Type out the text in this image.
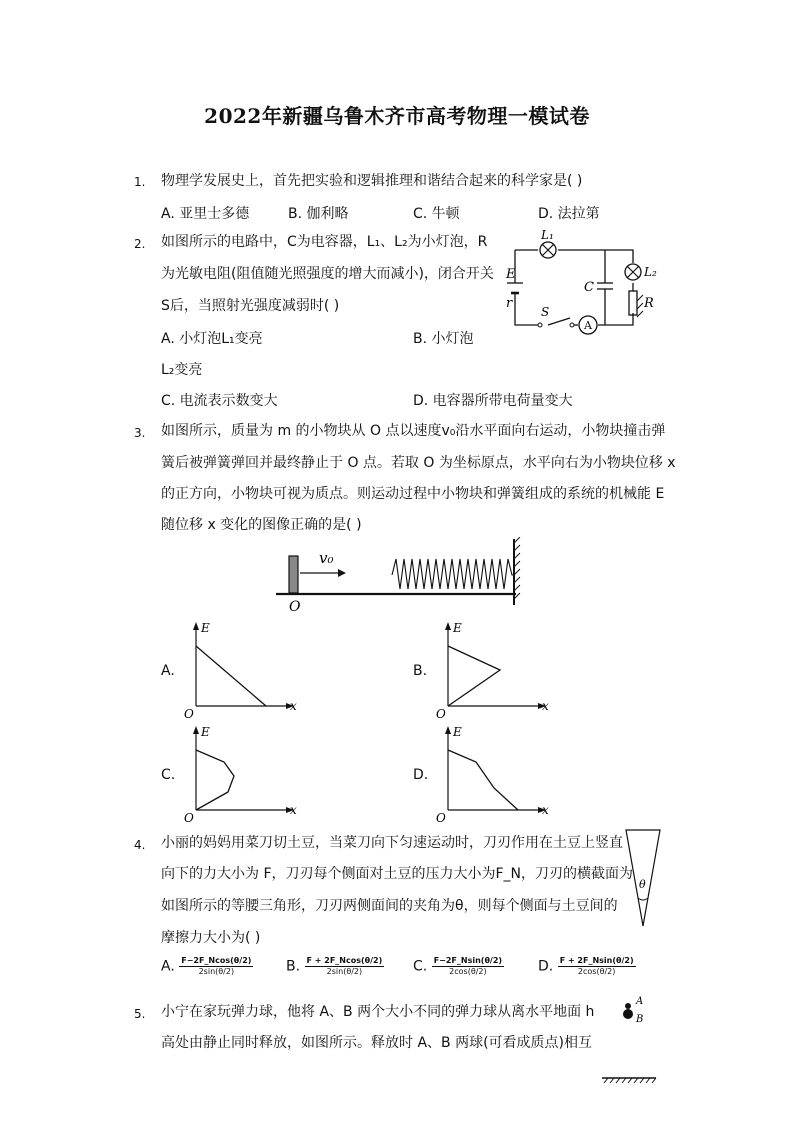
2022年新疆乌鲁木齐市高考物理一模试卷
1. 物理学发展史上，首先把实验和逻辑推理和谐结合起来的科学家是( )
A. 亚里士多德	B. 伽利略	C. 牛顿	D. 法拉第
2. 如图所示的电路中，C为电容器，L₁、L₂为小灯泡，R
为光敏电阻(阻值随光照强度的增大而减小)，闭合开关
S后，当照射光强度减弱时( )
A. 小灯泡L₁变亮	B. 小灯泡
L₂变亮
C. 电流表示数变大	D. 电容器所带电荷量变大
A
L₁
L₂
E
r
C
R
S
3. 如图所示，质量为 m 的小物块从 O 点以速度v₀沿水平面向右运动，小物块撞击弹
簧后被弹簧弹回并最终静止于 O 点。若取 O 为坐标原点，水平向右为小物块位移 x
的正方向，小物块可视为质点。则运动过程中小物块和弹簧组成的系统的机械能 E
随位移 x 变化的图像正确的是( )
v₀
O
A.	B.
C.	D.
E
x
O
E
x
O
E
x
O
E
x
O
4. 小丽的妈妈用菜刀切土豆，当菜刀向下匀速运动时，刀刃作用在土豆上竖直
向下的力大小为 F，刀刃每个侧面对土豆的压力大小为F_N，刀刃的横截面为
如图所示的等腰三角形，刀刃两侧面间的夹角为θ，则每个侧面与土豆间的
摩擦力大小为( )
θ
A. $\frac{F-2F\_Ncos(\theta/2)}{2\sin(\theta/2)} B$. $\frac{F + 2F\_Ncos(\theta/2)}{2\sin(\theta/2)} C$. $\frac{F-2F\_Nsin(\theta/2)}{2\cos(\theta/2)} D$. $\frac{F + 2F\_Nsin(\theta/2)}{2\cos(\theta/2)}$
5. 小宁在家玩弹力球，他将 A、B 两个大小不同的弹力球从离水平地面 h
高处由静止同时释放，如图所示。释放时 A、B 两球(可看成质点)相互
A
B
